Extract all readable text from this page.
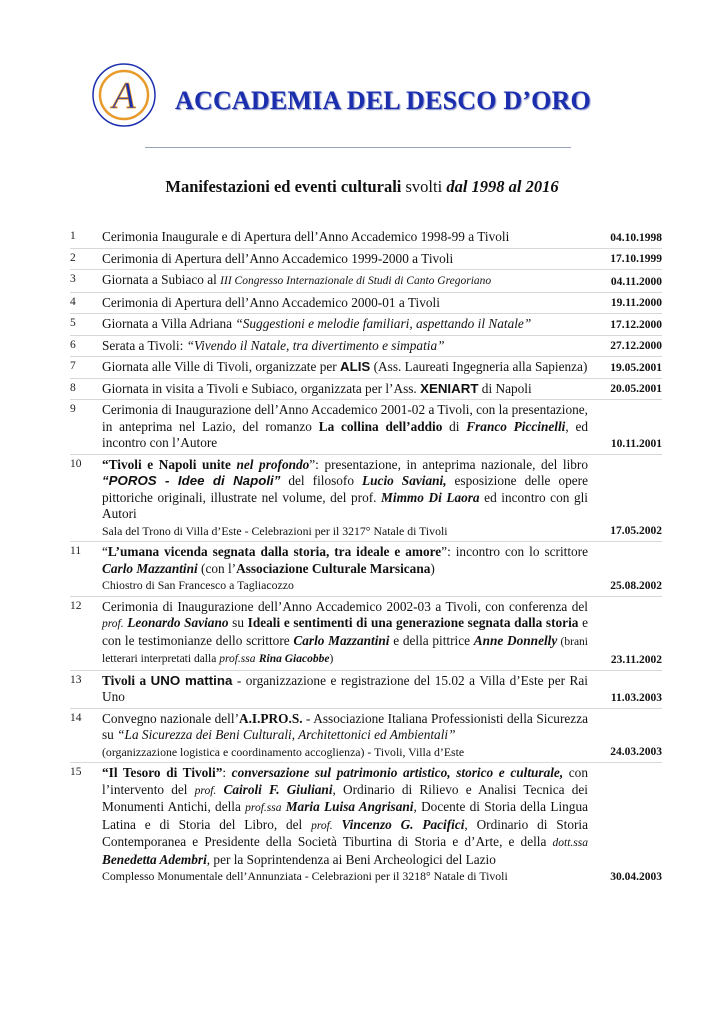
A ACCADEMIA DEL DESCO D’ORO
Manifestazioni ed eventi culturali svolti dal 1998 al 2016
1	Cerimonia Inaugurale e di Apertura dell’Anno Accademico 1998-99 a Tivoli	04.10.1998
2	Cerimonia di Apertura dell’Anno Accademico 1999-2000 a Tivoli	17.10.1999
3	Giornata a Subiaco al III Congresso Internazionale di Studi di Canto Gregoriano	04.11.2000
4	Cerimonia di Apertura dell’Anno Accademico 2000-01 a Tivoli	19.11.2000
5	Giornata a Villa Adriana “Suggestioni e melodie familiari, aspettando il Natale”	17.12.2000
6	Serata a Tivoli: “Vivendo il Natale, tra divertimento e simpatia”	27.12.2000
7	Giornata alle Ville di Tivoli, organizzate per ALIS (Ass. Laureati Ingegneria alla Sapienza) 19.05.2001
8	Giornata in visita a Tivoli e Subiaco, organizzata per l’Ass. XENIART di Napoli	20.05.2001
9	Cerimonia di Inaugurazione dell’Anno Accademico 2001-02 a Tivoli, con la presentazione, in anteprima nel Lazio, del romanzo La collina dell’addio di Franco Piccinelli, ed incontro con l’Autore	10.11.2001
10	“Tivoli e Napoli unite nel profondo”: presentazione, in anteprima nazionale, del libro “POROS - Idee di Napoli” del filosofo Lucio Saviani, esposizione delle opere pittoriche originali, illustrate nel volume, del prof. Mimmo Di Laora ed incontro con gli Autori
Sala del Trono di Villa d’Este - Celebrazioni per il 3217° Natale di Tivoli	17.05.2002
11	“L’umana vicenda segnata dalla storia, tra ideale e amore”: incontro con lo scrittore Carlo Mazzantini (con l’Associazione Culturale Marsicana)
Chiostro di San Francesco a Tagliacozzo	25.08.2002
12	Cerimonia di Inaugurazione dell’Anno Accademico 2002-03 a Tivoli, con conferenza del prof. Leonardo Saviano su Ideali e sentimenti di una generazione segnata dalla storia e con le testimonianze dello scrittore Carlo Mazzantini e della pittrice Anne Donnelly (brani letterari interpretati dalla prof.ssa Rina Giacobbe)	23.11.2002
13	Tivoli a UNO mattina - organizzazione e registrazione del 15.02 a Villa d’Este per Rai Uno	11.03.2003
14	Convegno nazionale dell’A.I.PRO.S. - Associazione Italiana Professionisti della Sicurezza su “La Sicurezza dei Beni Culturali, Architettonici ed Ambientali”
(organizzazione logistica e coordinamento accoglienza) - Tivoli, Villa d’Este	24.03.2003
15	“Il Tesoro di Tivoli”: conversazione sul patrimonio artistico, storico e culturale, con l’intervento del prof. Cairoli F. Giuliani, Ordinario di Rilievo e Analisi Tecnica dei Monumenti Antichi, della prof.ssa Maria Luisa Angrisani, Docente di Storia della Lingua Latina e di Storia del Libro, del prof. Vincenzo G. Pacifici, Ordinario di Storia Contemporanea e Presidente della Società Tiburtina di Storia e d’Arte, e della dott.ssa Benedetta Adembri, per la Soprintendenza ai Beni Archeologici del Lazio
Complesso Monumentale dell’Annunziata - Celebrazioni per il 3218° Natale di Tivoli	30.04.2003
